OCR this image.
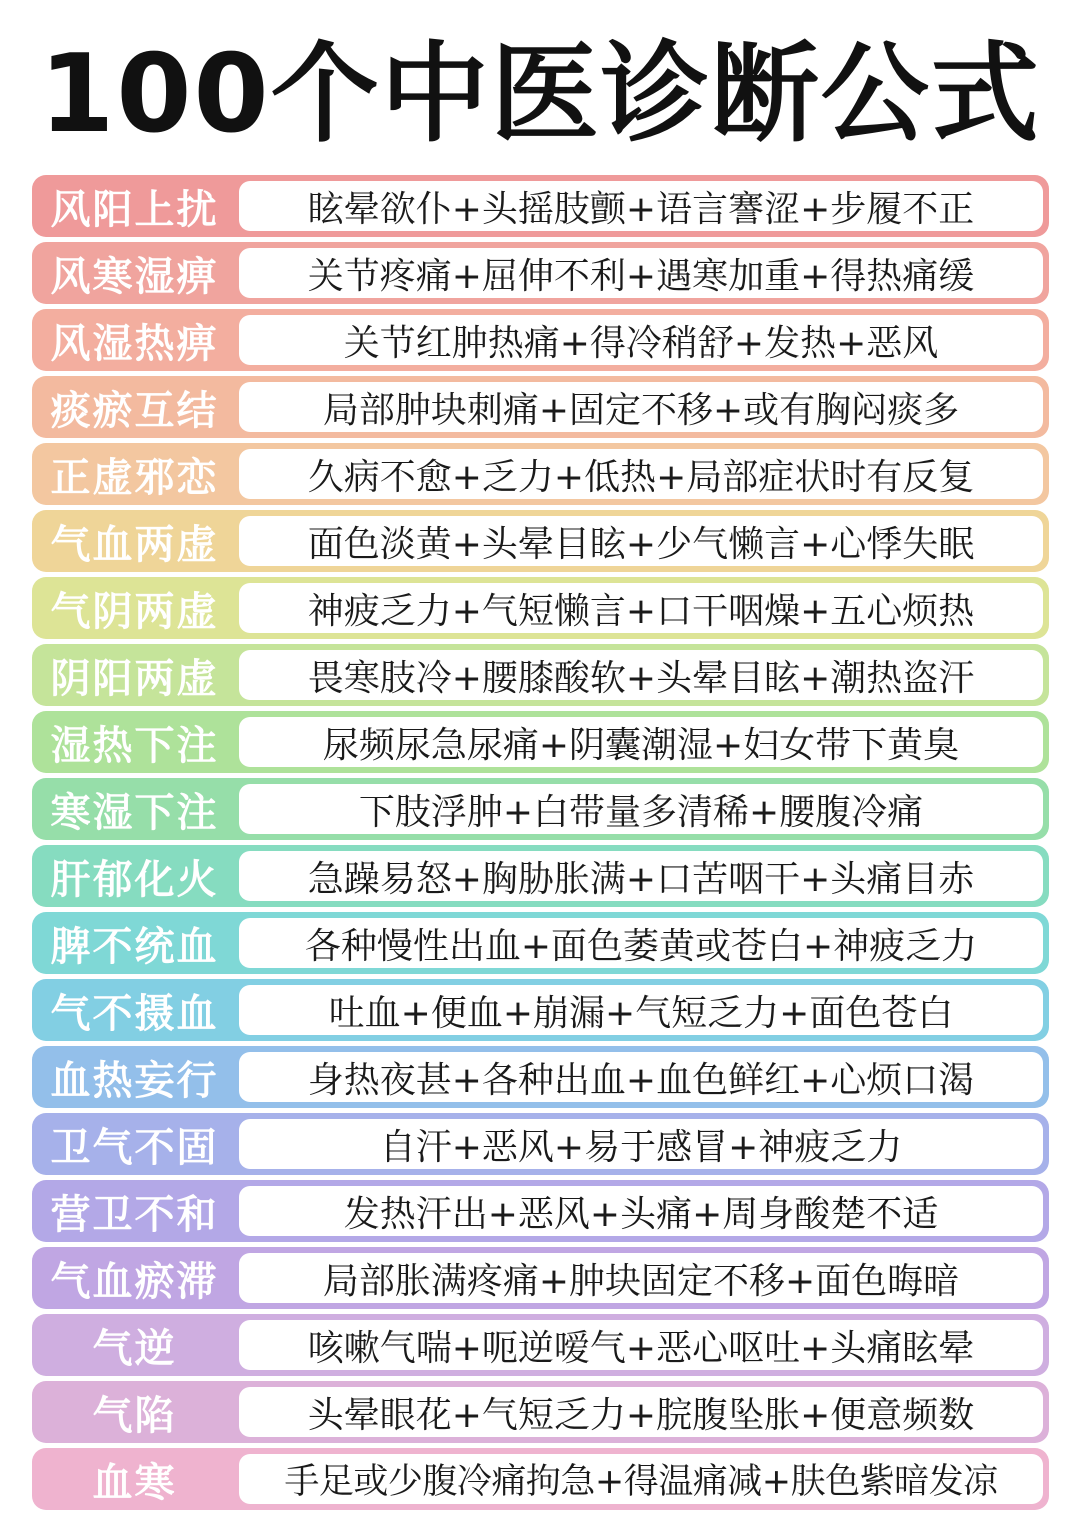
100个中医诊断公式
风阳上扰	眩晕欲仆+头摇肢颤+语言謇涩+步履不正
风寒湿痹	关节疼痛+屈伸不利+遇寒加重+得热痛缓
风湿热痹	关节红肿热痛+得冷稍舒+发热+恶风
痰瘀互结	局部肿块刺痛+固定不移+或有胸闷痰多
正虚邪恋	久病不愈+乏力+低热+局部症状时有反复
气血两虚	面色淡黄+头晕目眩+少气懒言+心悸失眠
气阴两虚	神疲乏力+气短懒言+口干咽燥+五心烦热
阴阳两虚	畏寒肢冷+腰膝酸软+头晕目眩+潮热盗汗
湿热下注	尿频尿急尿痛+阴囊潮湿+妇女带下黄臭
寒湿下注	下肢浮肿+白带量多清稀+腰腹冷痛
肝郁化火	急躁易怒+胸胁胀满+口苦咽干+头痛目赤
脾不统血	各种慢性出血+面色萎黄或苍白+神疲乏力
气不摄血	吐血+便血+崩漏+气短乏力+面色苍白
血热妄行	身热夜甚+各种出血+血色鲜红+心烦口渴
卫气不固	自汗+恶风+易于感冒+神疲乏力
营卫不和	发热汗出+恶风+头痛+周身酸楚不适
气血瘀滞	局部胀满疼痛+肿块固定不移+面色晦暗
气逆	咳嗽气喘+呃逆嗳气+恶心呕吐+头痛眩晕
气陷	头晕眼花+气短乏力+脘腹坠胀+便意频数
血寒	手足或少腹冷痛拘急+得温痛减+肤色紫暗发凉
